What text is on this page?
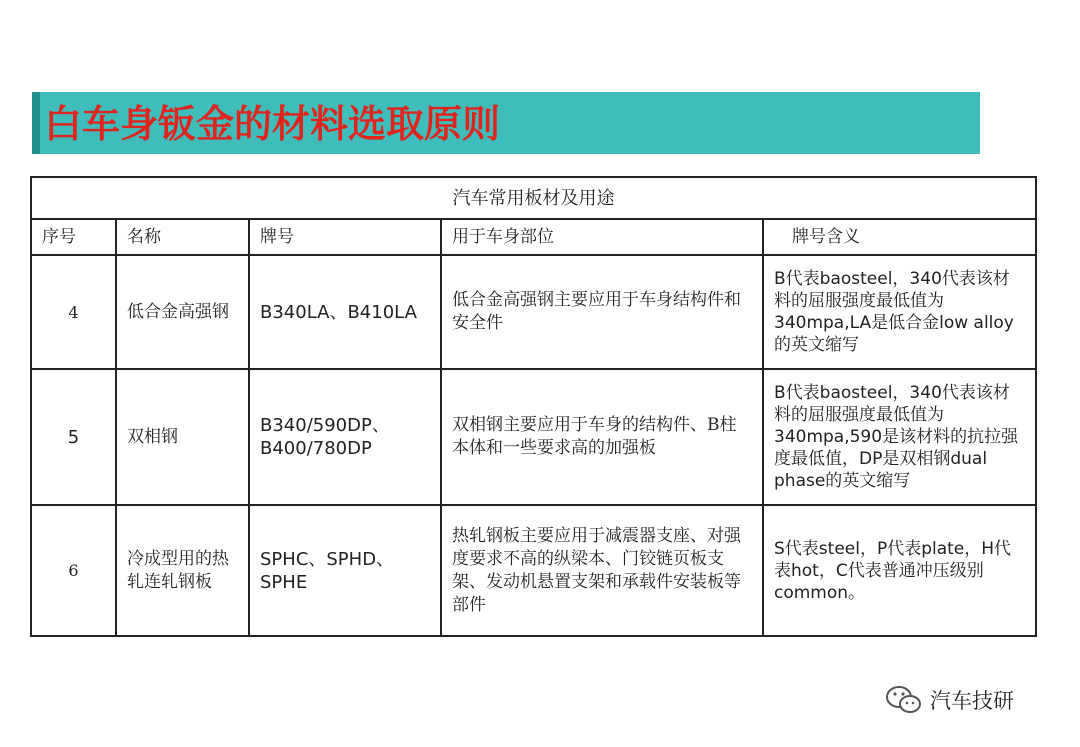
白车身钣金的材料选取原则
汽车常用板材及用途				
序号	名称	牌号	用于车身部位	牌号含义
4	低合金高强钢	B340LA、B410LA	低合金高强钢主要应用于车身结构件和安全件	B代表baosteel，340代表该材料的屈服强度最低值为340mpa,LA是低合金low alloy的英文缩写
5	双相钢	B340/590DP、B400/780DP	双相钢主要应用于车身的结构件、B柱本体和一些要求高的加强板	B代表baosteel，340代表该材料的屈服强度最低值为340mpa,590是该材料的抗拉强度最低值，DP是双相钢dual phase的英文缩写
6	冷成型用的热轧连轧钢板	SPHC、SPHD、SPHE	热轧钢板主要应用于减震器支座、对强度要求不高的纵梁本、门铰链页板支架、发动机悬置支架和承载件安装板等部件	S代表steel，P代表plate，H代表hot，C代表普通冲压级别common。
汽车技研
